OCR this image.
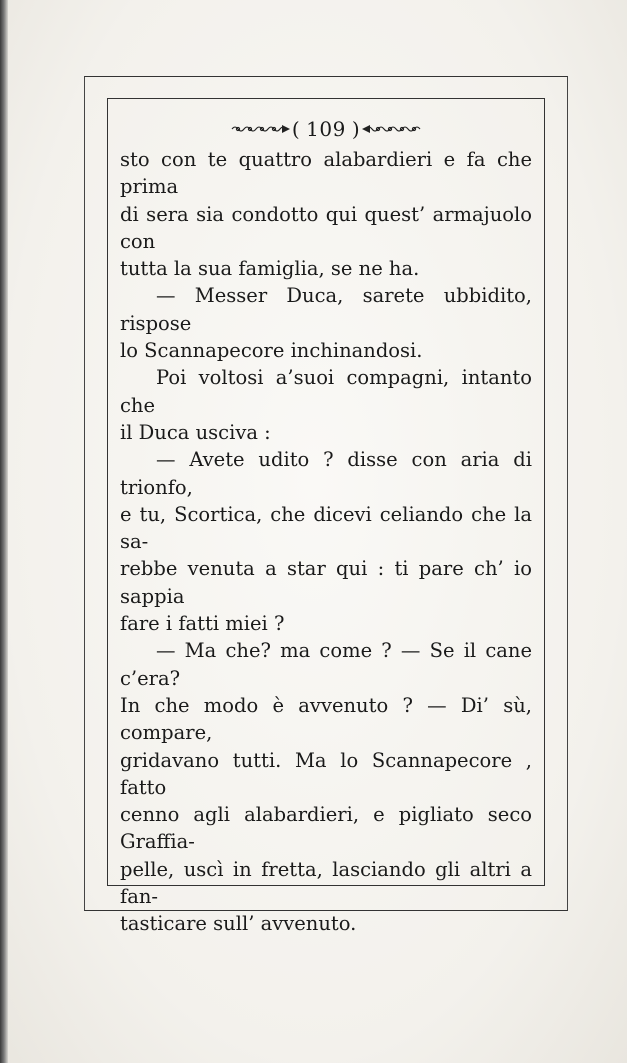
( 109 )

sto con te quattro alabardieri e fa che prima

di sera sia condotto qui quest’ armajuolo con

tutta la sua famiglia, se ne ha.

— Messer Duca, sarete ubbidito, rispose

lo Scannapecore inchinandosi.

Poi voltosi a’suoi compagni, intanto che

il Duca usciva :

— Avete udito ? disse con aria di trionfo,

e tu, Scortica, che dicevi celiando che la sa-

rebbe venuta a star qui : ti pare ch’ io sappia

fare i fatti miei ?

— Ma che? ma come ? — Se il cane c’era?

In che modo è avvenuto ? — Di’ sù, compare,

gridavano tutti. Ma lo Scannapecore , fatto

cenno agli alabardieri, e pigliato seco Graffia-

pelle, uscì in fretta, lasciando gli altri a fan-

tasticare sull’ avvenuto.
